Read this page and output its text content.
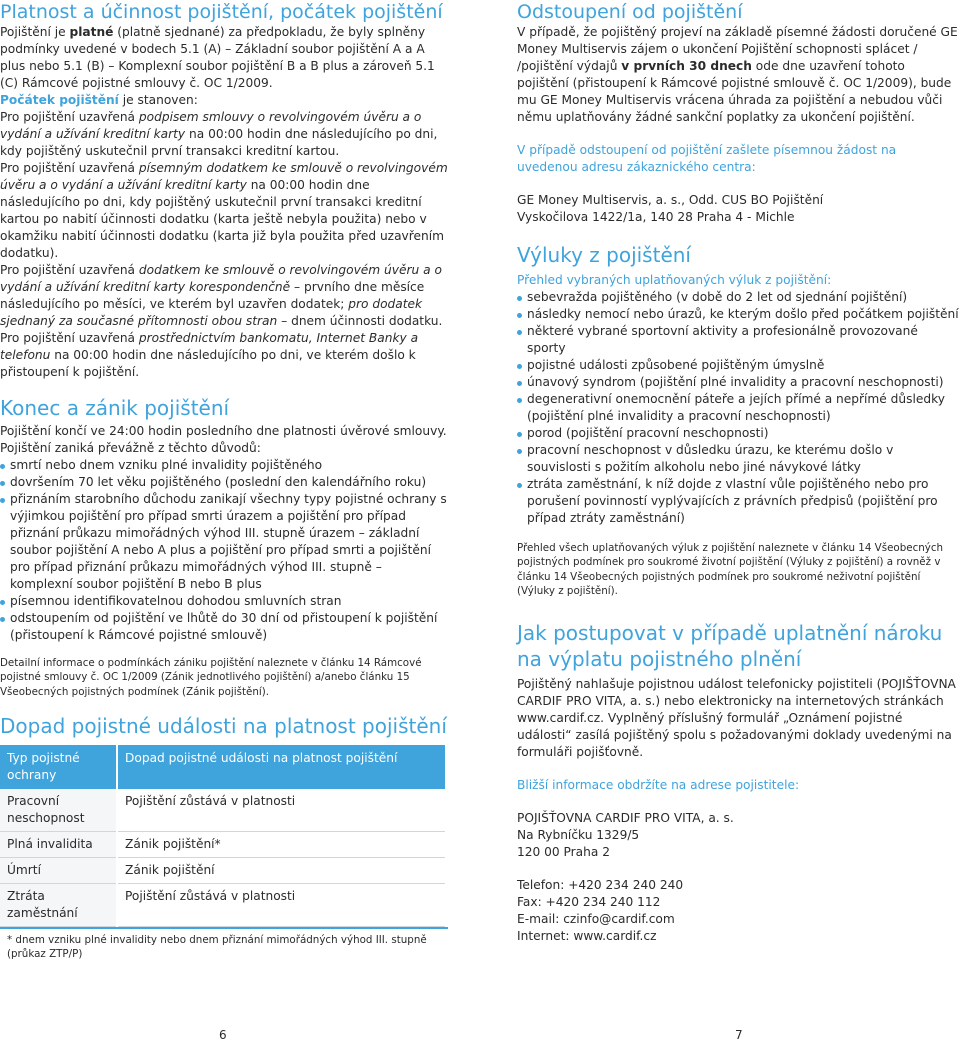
Platnost a účinnost pojištění, počátek pojištění

Pojištění je platné (platně sjednané) za předpokladu, že byly splněny podmínky uvedené v bodech 5.1 (A) – Základní soubor pojištění A a A plus nebo 5.1 (B) – Komplexní soubor pojištění B a B plus a zároveň 5.1 (C) Rámcové pojistné smlouvy č. OC 1/2009.

Počátek pojištění je stanoven:

Pro pojištění uzavřená podpisem smlouvy o revolvingovém úvěru a o vydání a užívání kreditní karty na 00:00 hodin dne následujícího po dni, kdy pojištěný uskutečnil první transakci kreditní kartou.

Pro pojištění uzavřená písemným dodatkem ke smlouvě o revolvingovém úvěru a o vydání a užívání kreditní karty na 00:00 hodin dne následujícího po dni, kdy pojištěný uskutečnil první transakci kreditní kartou po nabití účinnosti dodatku (karta ještě nebyla použita) nebo v okamžiku nabití účinnosti dodatku (karta již byla použita před uzavřením dodatku).

Pro pojištění uzavřená dodatkem ke smlouvě o revolvingovém úvěru a o vydání a užívání kreditní karty korespondenčně – prvního dne měsíce následujícího po měsíci, ve kterém byl uzavřen dodatek; pro dodatek sjednaný za současné přítomnosti obou stran – dnem účinnosti dodatku.

Pro pojištění uzavřená prostřednictvím bankomatu, Internet Banky a telefonu na 00:00 hodin dne následujícího po dni, ve kterém došlo k přistoupení k pojištění.

Konec a zánik pojištění

Pojištění končí ve 24:00 hodin posledního dne platnosti úvěrové smlouvy.

Pojištění zaniká převážně z těchto důvodů:

smrtí nebo dnem vzniku plné invalidity pojištěného
dovršením 70 let věku pojištěného (poslední den kalendářního roku)
přiznáním starobního důchodu zanikají všechny typy pojistné ochrany s výjimkou pojištění pro případ smrti úrazem a pojištění pro případ přiznání průkazu mimořádných výhod III. stupně úrazem – základní soubor pojištění A nebo A plus a pojištění pro případ smrti a pojištění pro případ přiznání průkazu mimořádných výhod III. stupně – komplexní soubor pojištění B nebo B plus
písemnou identifikovatelnou dohodou smluvních stran
odstoupením od pojištění ve lhůtě do 30 dní od přistoupení k pojištění (přistoupení k Rámcové pojistné smlouvě)

Detailní informace o podmínkách zániku pojištění naleznete v článku 14 Rámcové pojistné smlouvy č. OC 1/2009 (Zánik jednotlivého pojištění) a/anebo článku 15 Všeobecných pojistných podmínek (Zánik pojištění).

Dopad pojistné události na platnost pojištění
Typ pojistné ochrany	Dopad pojistné události na platnost pojištění
Pracovní neschopnost	Pojištění zůstává v platnosti
Plná invalidita	Zánik pojištění*
Úmrtí	Zánik pojištění
Ztráta zaměstnání	Pojištění zůstává v platnosti
* dnem vzniku plné invalidity nebo dnem přiznání mimořádných výhod III. stupně (průkaz ZTP/P)
6
Odstoupení od pojištění

V případě, že pojištěný projeví na základě písemné žádosti doručené GE Money Multiservis zájem o ukončení Pojištění schopnosti splácet / /pojištění výdajů v prvních 30 dnech ode dne uzavření tohoto pojištění (přistoupení k Rámcové pojistné smlouvě č. OC 1/2009), bude mu GE Money Multiservis vrácena úhrada za pojištění a nebudou vůči němu uplatňovány žádné sankční poplatky za ukončení pojištění.

V případě odstoupení od pojištění zašlete písemnou žádost na uvedenou adresu zákaznického centra:

GE Money Multiservis, a. s., Odd. CUS BO Pojištění

Vyskočilova 1422/1a, 140 28 Praha 4 - Michle

Výluky z pojištění

Přehled vybraných uplatňovaných výluk z pojištění:

sebevražda pojištěného (v době do 2 let od sjednání pojištění)
následky nemocí nebo úrazů, ke kterým došlo před počátkem pojištění
některé vybrané sportovní aktivity a profesionálně provozované sporty
pojistné události způsobené pojištěným úmyslně
únavový syndrom (pojištění plné invalidity a pracovní neschopnosti)
degenerativní onemocnění páteře a jejích přímé a nepřímé důsledky (pojištění plné invalidity a pracovní neschopnosti)
porod (pojištění pracovní neschopnosti)
pracovní neschopnost v důsledku úrazu, ke kterému došlo v souvislosti s požitím alkoholu nebo jiné návykové látky
ztráta zaměstnání, k níž dojde z vlastní vůle pojištěného nebo pro porušení povinností vyplývajících z právních předpisů (pojištění pro případ ztráty zaměstnání)

Přehled všech uplatňovaných výluk z pojištění naleznete v článku 14 Všeobecných pojistných podmínek pro soukromé životní pojištění (Výluky z pojištění) a rovněž v článku 14 Všeobecných pojistných podmínek pro soukromé neživotní pojištění (Výluky z pojištění).

Jak postupovat v případě uplatnění nároku
na výplatu pojistného plnění

Pojištěný nahlašuje pojistnou událost telefonicky pojistiteli (POJIŠŤOVNA CARDIF PRO VITA, a. s.) nebo elektronicky na internetových stránkách www.cardif.cz. Vyplněný příslušný formulář „Oznámení pojistné události“ zasílá pojištěný spolu s požadovanými doklady uvedenými na formuláři pojišťovně.

Bližší informace obdržíte na adrese pojistitele:

POJIŠŤOVNA CARDIF PRO VITA, a. s.

Na Rybníčku 1329/5

120 00 Praha 2

Telefon: +420 234 240 240

Fax: +420 234 240 112

E-mail: czinfo@cardif.com

Internet: www.cardif.cz

7
